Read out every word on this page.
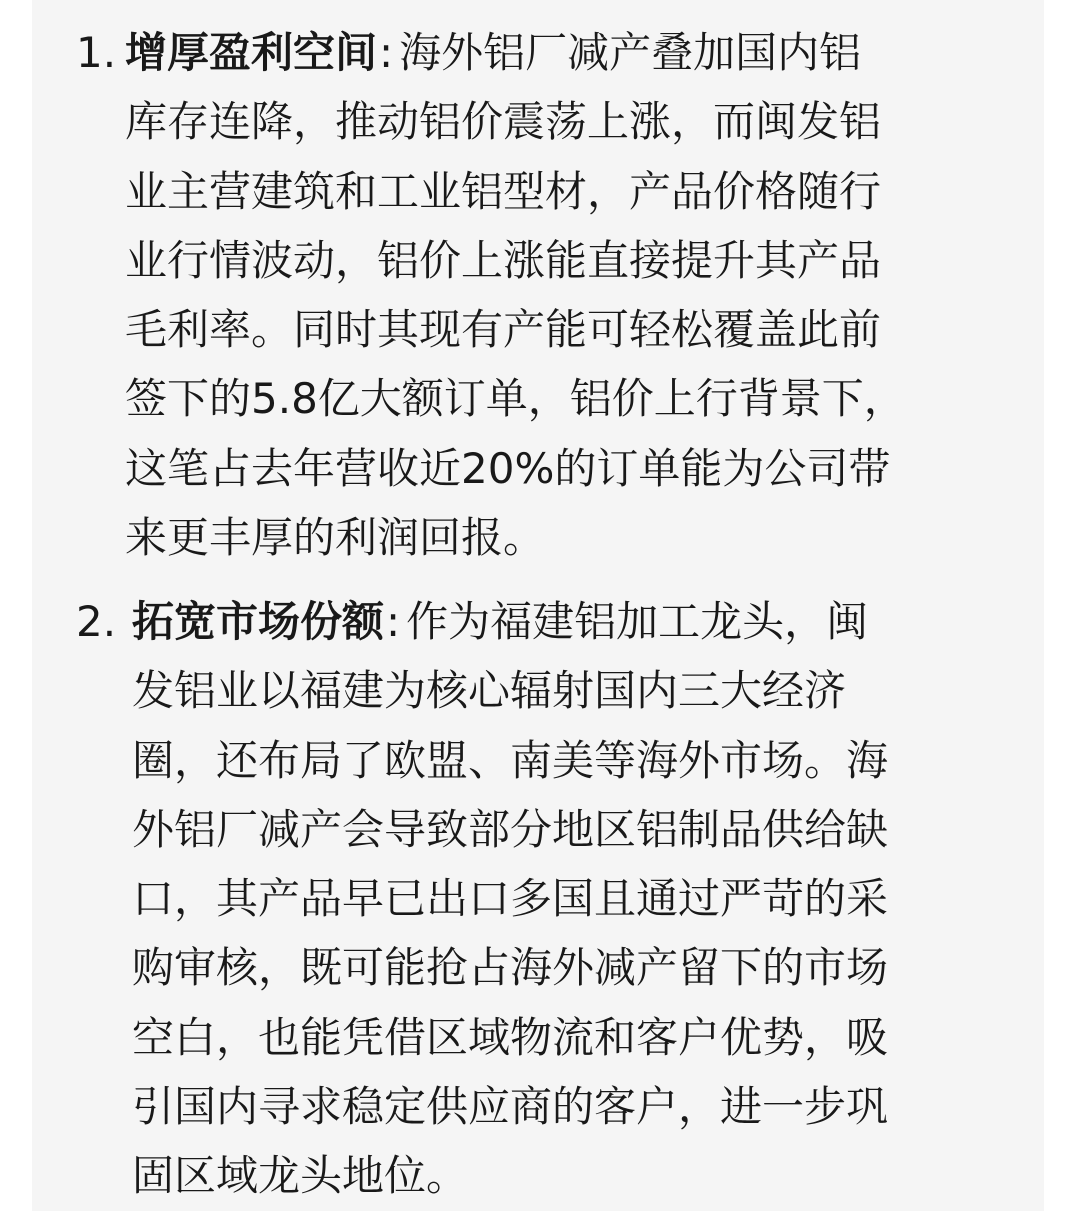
1. 增厚盈利空间: 海外铝厂减产叠加国内铝
库存连降，推动铝价震荡上涨，而闽发铝
业主营建筑和工业铝型材，产品价格随行
业行情波动，铝价上涨能直接提升其产品
毛利率。同时其现有产能可轻松覆盖此前
签下的5.8亿大额订单，铝价上行背景下，
这笔占去年营收近20%的订单能为公司带
来更丰厚的利润回报。
2. 拓宽市场份额: 作为福建铝加工龙头，闽
发铝业以福建为核心辐射国内三大经济
圈，还布局了欧盟、南美等海外市场。海
外铝厂减产会导致部分地区铝制品供给缺
口，其产品早已出口多国且通过严苛的采
购审核，既可能抢占海外减产留下的市场
空白，也能凭借区域物流和客户优势，吸
引国内寻求稳定供应商的客户，进一步巩
固区域龙头地位。
